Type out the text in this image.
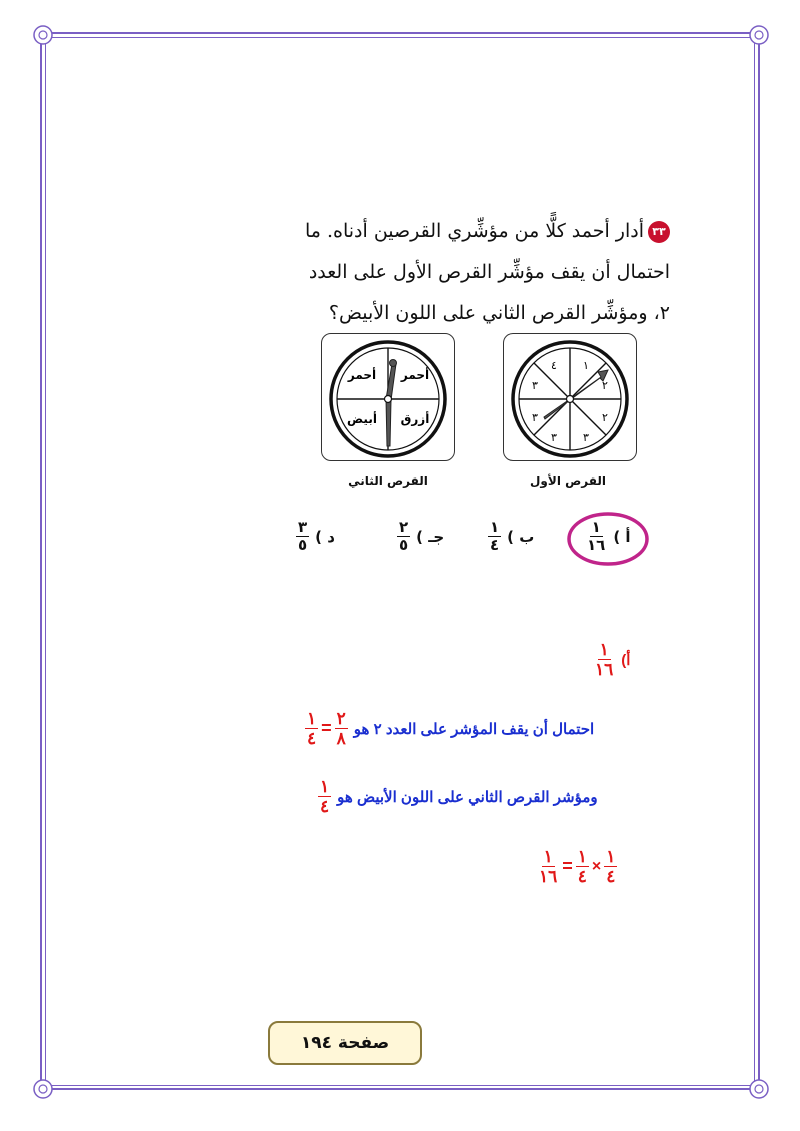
٣٣أدار أحمد كلًّا من مؤشِّري القرصين أدناه. ما
احتمال أن يقف مؤشِّر القرص الأول على العدد
٢، ومؤشِّر القرص الثاني على اللون الأبيض؟
١
٢
٢
٣
٣
٣
٣
٤
القرص الأول
أحمر
أحمر
أبيض أزرق
القرص الثاني
أ )
$\frac{١}{١٦}$
ب )
$\frac{١}{٤}$
جـ )
$\frac{٢}{٥}$
د )
$\frac{٣}{٥}$
أ)
$\frac{١}{١٦}$
احتمال أن يقف المؤشر على العدد ٢ هو
$\frac{١}{٤} = \frac{٢}{٨}$
ومؤشر القرص الثاني على اللون الأبيض هو
$\frac{١}{٤}$
$\frac{١}{١٦} = \frac{١}{٤} \times \frac{١}{٤}$
صفحة ١٩٤
